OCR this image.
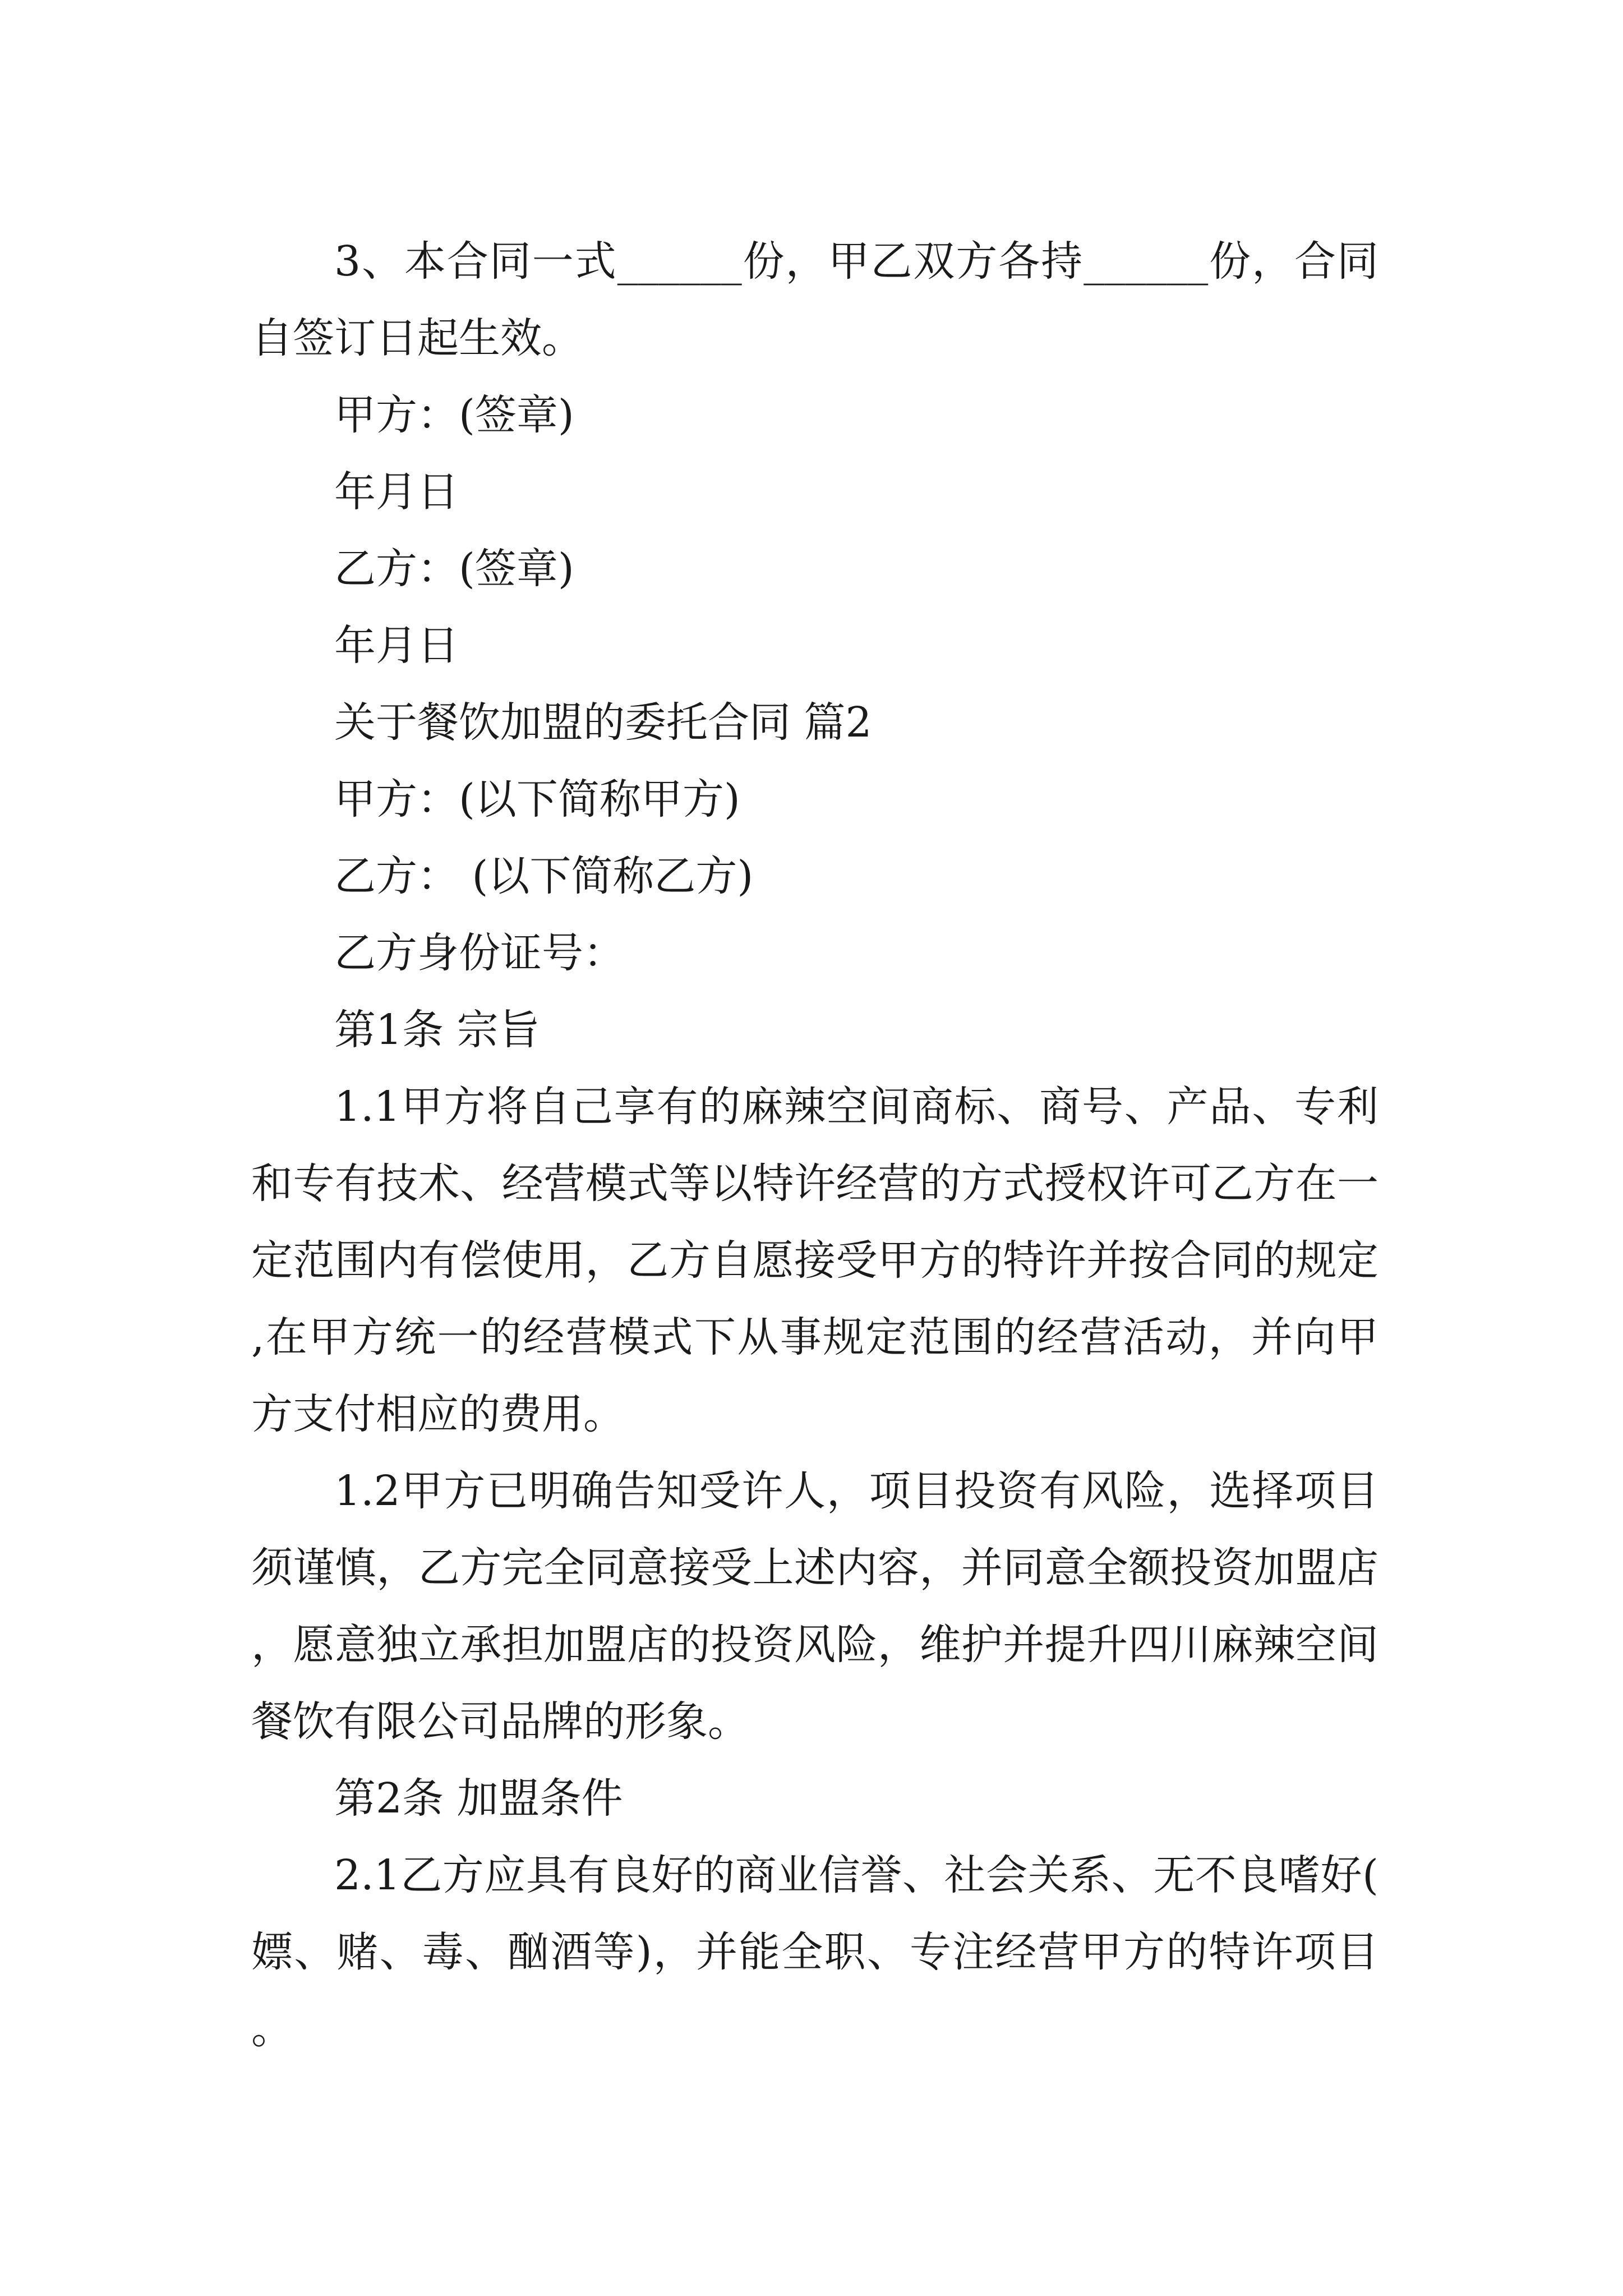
3、本合同一式______份，甲乙双方各持______份，合同自签订日起生效。

甲方：(签章)

年月日

乙方：(签章)

年月日

关于餐饮加盟的委托合同 篇2

甲方：(以下简称甲方)

乙方： (以下简称乙方)

乙方身份证号：

第1条 宗旨

1.1甲方将自己享有的麻辣空间商标、商号、产品、专利和专有技术、经营模式等以特许经营的方式授权许可乙方在一定范围内有偿使用，乙方自愿接受甲方的特许并按合同的规定,在甲方统一的经营模式下从事规定范围的经营活动，并向甲方支付相应的费用。

1.2甲方已明确告知受许人，项目投资有风险，选择项目须谨慎，乙方完全同意接受上述内容，并同意全额投资加盟店，愿意独立承担加盟店的投资风险，维护并提升四川麻辣空间餐饮有限公司品牌的形象。

第2条 加盟条件

2.1乙方应具有良好的商业信誉、社会关系、无不良嗜好(嫖、赌、毒、酗酒等)，并能全职、专注经营甲方的特许项目。
